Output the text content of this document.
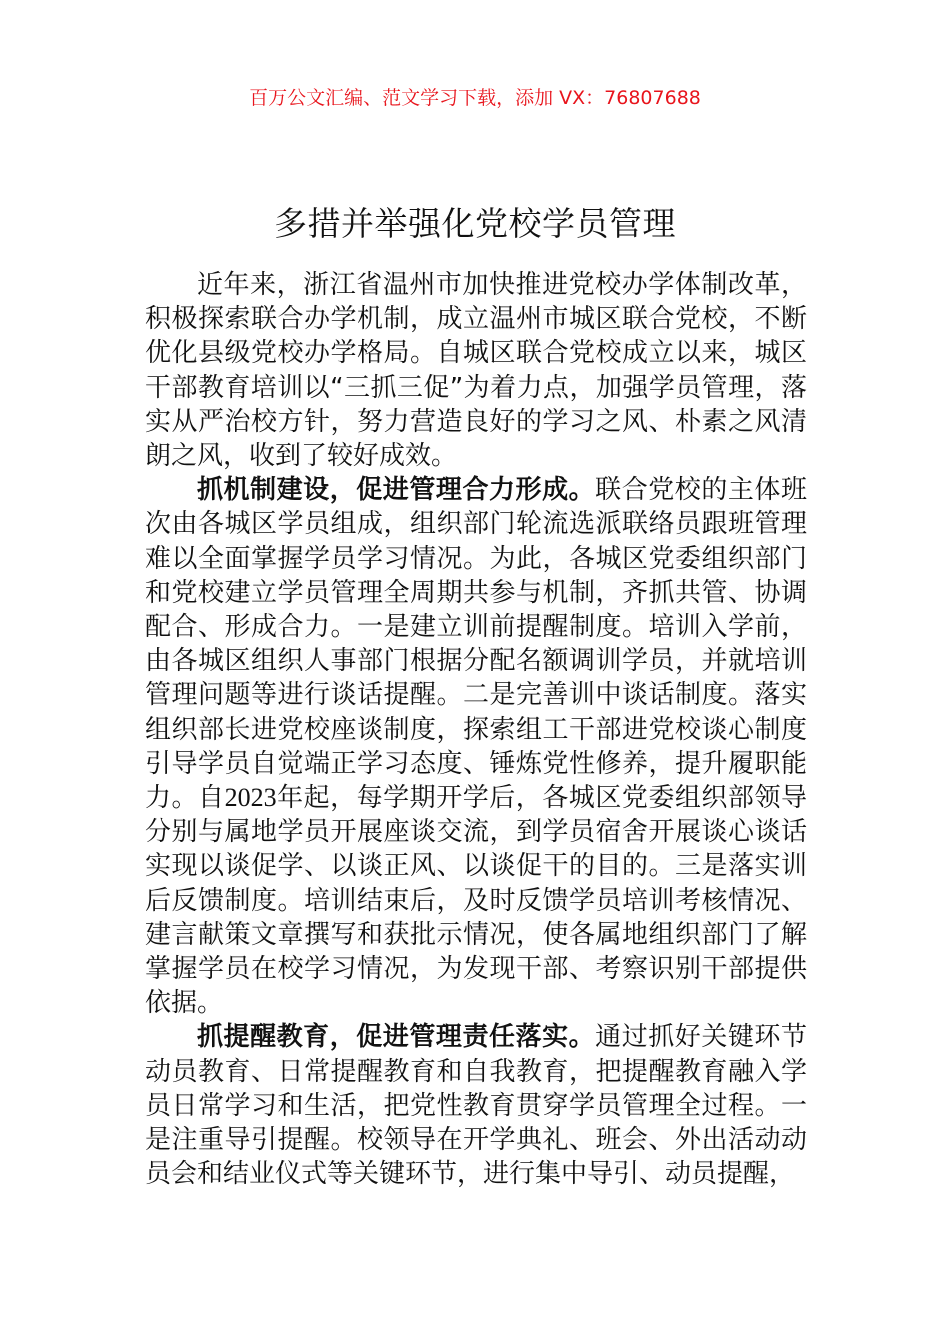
百万公文汇编、范文学习下载，添加 VX：76807688
多措并举强化党校学员管理

近年来，浙江省温州市加快推进党校办学体制改革，积极探索联合办学机制，成立温州市城区联合党校，不断优化县级党校办学格局。自城区联合党校成立以来，城区干部教育培训以“三抓三促”为着力点，加强学员管理，落实从严治校方针，努力营造良好的学习之风、朴素之风清朗之风，收到了较好成效。

抓机制建设，促进管理合力形成。联合党校的主体班次由各城区学员组成，组织部门轮流选派联络员跟班管理难以全面掌握学员学习情况。为此，各城区党委组织部门和党校建立学员管理全周期共参与机制，齐抓共管、协调配合、形成合力。一是建立训前提醒制度。培训入学前，由各城区组织人事部门根据分配名额调训学员，并就培训管理问题等进行谈话提醒。二是完善训中谈话制度。落实组织部长进党校座谈制度，探索组工干部进党校谈心制度引导学员自觉端正学习态度、锤炼党性修养，提升履职能力。自2023年起，每学期开学后，各城区党委组织部领导分别与属地学员开展座谈交流，到学员宿舍开展谈心谈话实现以谈促学、以谈正风、以谈促干的目的。三是落实训后反馈制度。培训结束后，及时反馈学员培训考核情况、建言献策文章撰写和获批示情况，使各属地组织部门了解掌握学员在校学习情况，为发现干部、考察识别干部提供依据。

抓提醒教育，促进管理责任落实。通过抓好关键环节动员教育、日常提醒教育和自我教育，把提醒教育融入学员日常学习和生活，把党性教育贯穿学员管理全过程。一是注重导引提醒。校领导在开学典礼、班会、外出活动动员会和结业仪式等关键环节，进行集中导引、动员提醒，
